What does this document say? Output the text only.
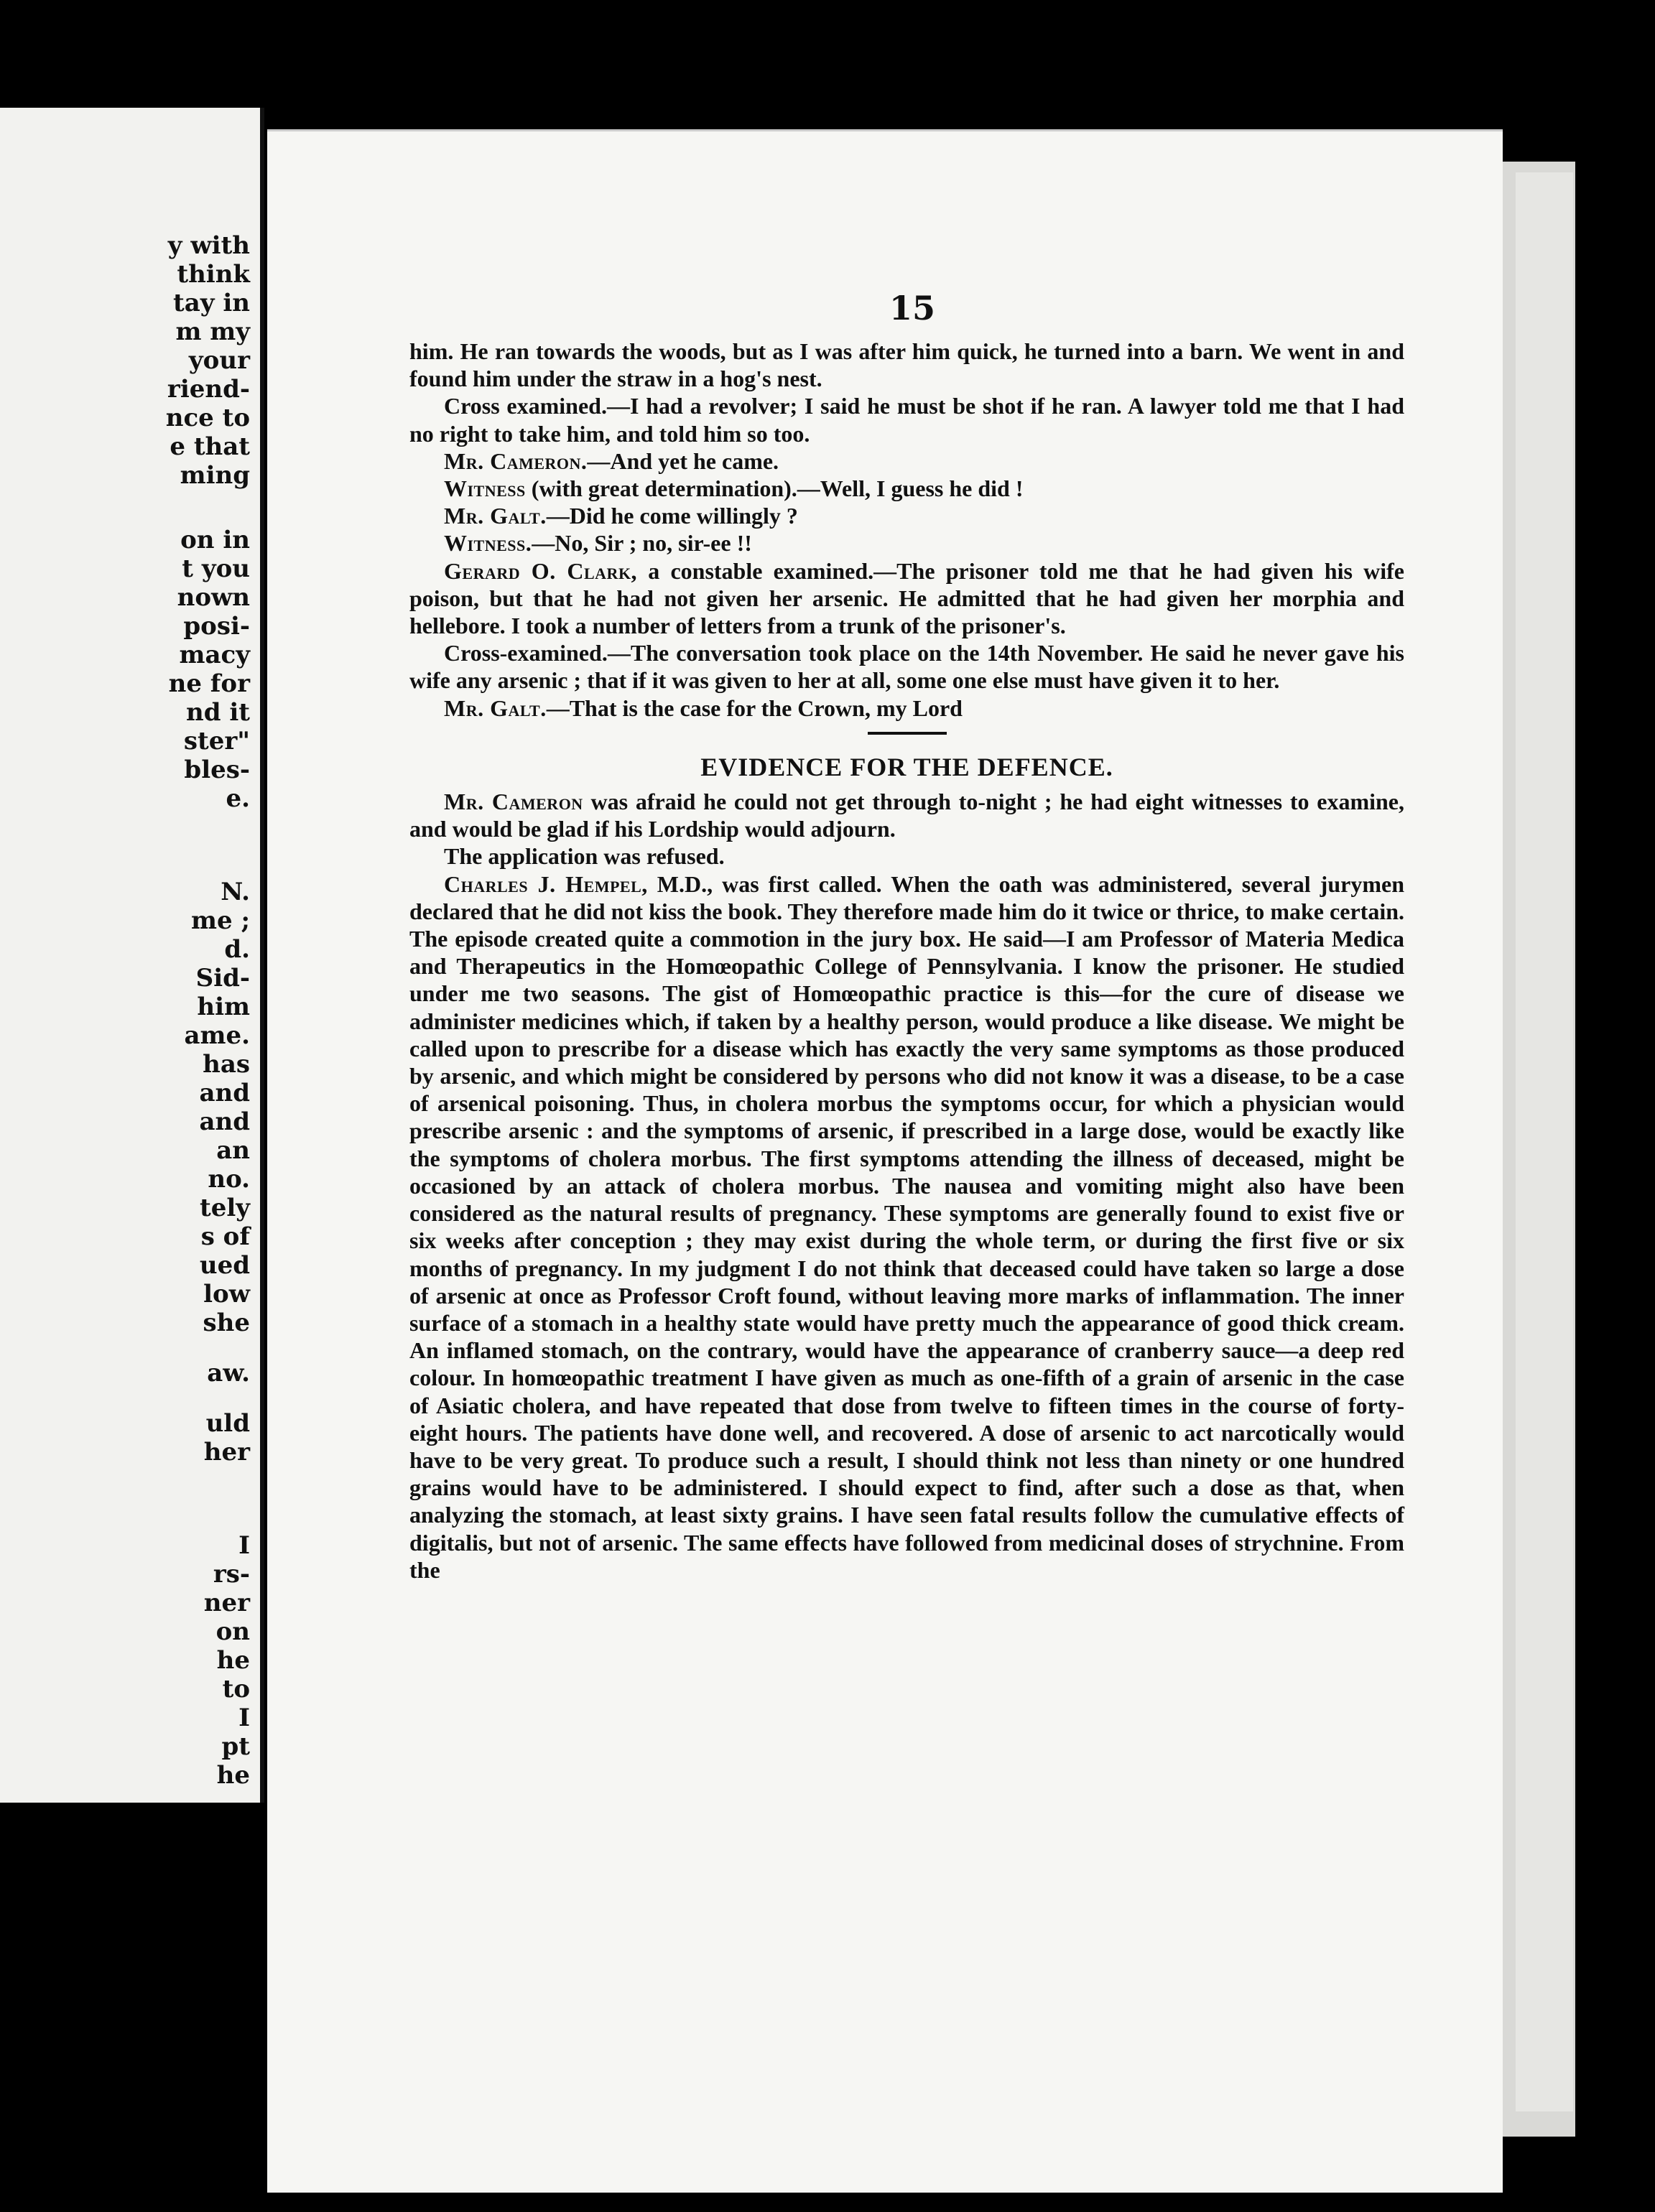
y with
think
tay in
m my
your
riend-
nce to
e that
ming
on in
t you
nown
posi-
macy
ne for
nd it
ster"
bles-
e.
N.
me ;
d.
Sid-
him
ame.
has
and
and
an
no.
tely
s of
ued
low
she
aw.
uld
her
I
rs-
ner
on
he
to
I
pt
he
15

him. He ran towards the woods, but as I was after him quick, he turned into a barn. We went in and found him under the straw in a hog's nest.

Cross examined.—I had a revolver; I said he must be shot if he ran. A lawyer told me that I had no right to take him, and told him so too.

Mr. Cameron.—And yet he came.

Witness (with great determination).—Well, I guess he did !

Mr. Galt.—Did he come willingly ?

Witness.—No, Sir ; no, sir-ee !!

Gerard O. Clark, a constable examined.—The prisoner told me that he had given his wife poison, but that he had not given her arsenic. He admitted that he had given her morphia and hellebore. I took a number of letters from a trunk of the prisoner's.

Cross-examined.—The conversation took place on the 14th November. He said he never gave his wife any arsenic ; that if it was given to her at all, some one else must have given it to her.

Mr. Galt.—That is the case for the Crown, my Lord

EVIDENCE FOR THE DEFENCE.

Mr. Cameron was afraid he could not get through to-night ; he had eight witnesses to examine, and would be glad if his Lordship would adjourn.

The application was refused.

Charles J. Hempel, M.D., was first called. When the oath was administered, several jurymen declared that he did not kiss the book. They therefore made him do it twice or thrice, to make certain. The episode created quite a commotion in the jury box. He said—I am Professor of Materia Medica and Therapeutics in the Homœopathic College of Pennsylvania. I know the prisoner. He studied under me two seasons. The gist of Homœopathic practice is this—for the cure of disease we administer medicines which, if taken by a healthy person, would produce a like disease. We might be called upon to prescribe for a disease which has exactly the very same symptoms as those produced by arsenic, and which might be considered by persons who did not know it was a disease, to be a case of arsenical poisoning. Thus, in cholera morbus the symptoms occur, for which a physician would prescribe arsenic : and the symptoms of arsenic, if prescribed in a large dose, would be exactly like the symptoms of cholera morbus. The first symptoms attending the illness of deceased, might be occasioned by an attack of cholera morbus. The nausea and vomiting might also have been considered as the natural results of pregnancy. These symptoms are generally found to exist five or six weeks after conception ; they may exist during the whole term, or during the first five or six months of pregnancy. In my judgment I do not think that deceased could have taken so large a dose of arsenic at once as Professor Croft found, without leaving more marks of inflammation. The inner surface of a stomach in a healthy state would have pretty much the appearance of good thick cream. An inflamed stomach, on the contrary, would have the appearance of cranberry sauce—a deep red colour. In homœopathic treatment I have given as much as one-fifth of a grain of arsenic in the case of Asiatic cholera, and have repeated that dose from twelve to fifteen times in the course of forty-eight hours. The patients have done well, and recovered. A dose of arsenic to act narcotically would have to be very great. To produce such a result, I should think not less than ninety or one hundred grains would have to be administered. I should expect to find, after such a dose as that, when analyzing the stomach, at least sixty grains. I have seen fatal results follow the cumulative effects of digitalis, but not of arsenic. The same effects have followed from medicinal doses of strychnine. From the
